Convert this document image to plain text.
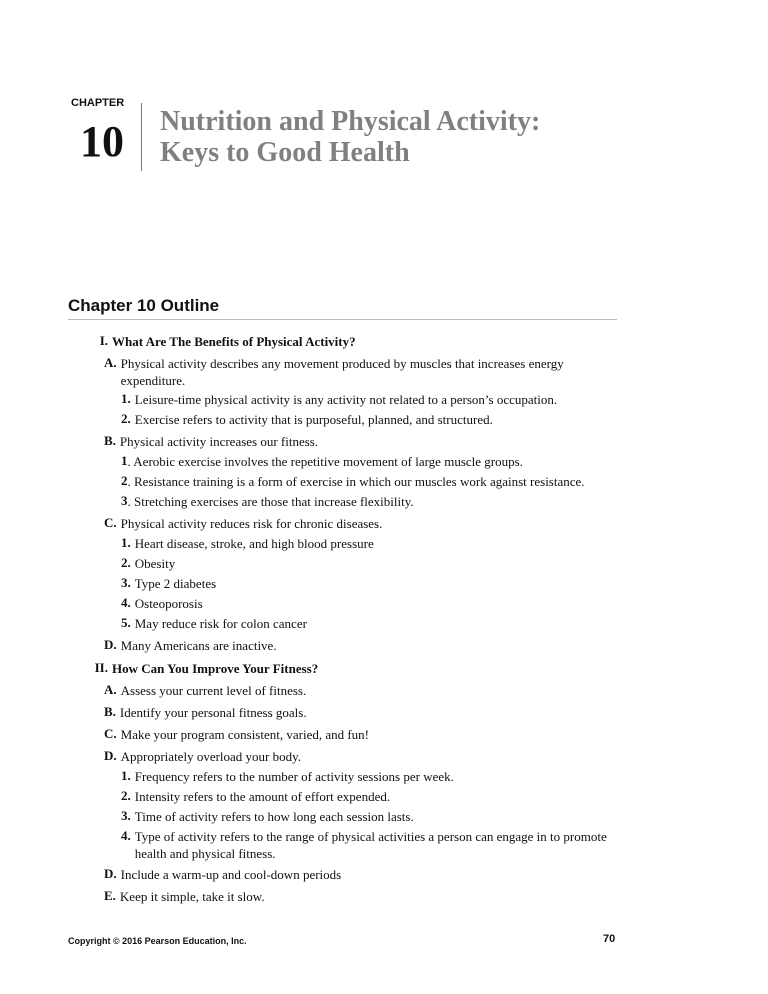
CHAPTER
10 Nutrition and Physical Activity:
Keys to Good Health
Chapter 10 Outline
I. What Are The Benefits of Physical Activity?
A. Physical activity describes any movement produced by muscles that increases energy expenditure.
1. Leisure-time physical activity is any activity not related to a person’s occupation.
2. Exercise refers to activity that is purposeful, planned, and structured.
B. Physical activity increases our fitness.
1 . Aerobic exercise involves the repetitive movement of large muscle groups.
2 . Resistance training is a form of exercise in which our muscles work against resistance.
3 . Stretching exercises are those that increase flexibility.
C. Physical activity reduces risk for chronic diseases.
1. Heart disease, stroke, and high blood pressure
2. Obesity
3. Type 2 diabetes
4. Osteoporosis
5. May reduce risk for colon cancer
D. Many Americans are inactive.
II. How Can You Improve Your Fitness?
A. Assess your current level of fitness.
B. Identify your personal fitness goals.
C. Make your program consistent, varied, and fun!
D. Appropriately overload your body.
1. Frequency refers to the number of activity sessions per week.
2. Intensity refers to the amount of effort expended.
3. Time of activity refers to how long each session lasts.
4. Type of activity refers to the range of physical activities a person can engage in to promote health and physical fitness.
D. Include a warm-up and cool-down periods
E. Keep it simple, take it slow.
Copyright © 2016 Pearson Education, Inc.	70
